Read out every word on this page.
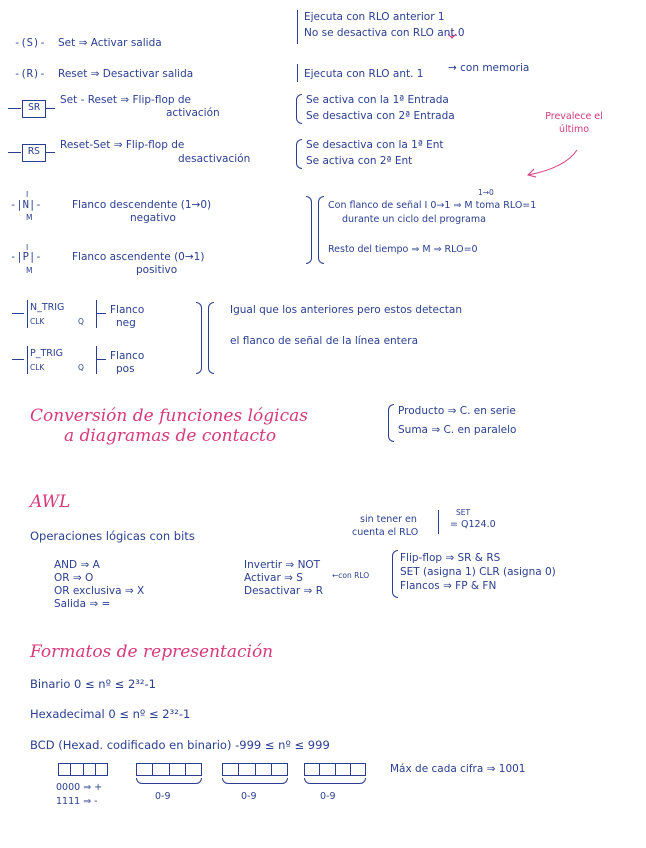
-(S)- Set ⇒ Activar salida
Ejecuta con RLO anterior 1
No se desactiva con RLO ant.0
-(R)- Reset ⇒ Desactivar salida	Ejecuta con RLO ant. 1 → con memoria
SR
Set - Reset ⇒ Flip-flop de
activación
Se activa con la 1ª Entrada
Se desactiva con 2ª Entrada	Prevalece el último
RS
Reset-Set ⇒ Flip-flop de
desactivación
Se desactiva con la 1ª Ent
Se activa con 2ª Ent
I
-|N|-
M
Flanco descendente (1→0)
negativo
I
-|P|-
M
Flanco ascendente (0→1)
positivo
1→0
Con flanco de señal I 0→1 ⇒ M toma RLO=1
durante un ciclo del programa
Resto del tiempo ⇒ M ⇒ RLO=0
N_TRIG
CLK	Q
Flanco
neg
P_TRIG
CLK	Q
Flanco
pos
Igual que los anteriores pero estos detectan
el flanco de señal de la línea entera
Conversión de funciones lógicas
a diagramas de contacto
Producto ⇒ C. en serie
Suma ⇒ C. en paralelo
AWL
Operaciones lógicas con bits
sin tener en
cuenta el RLO
SET
= Q124.0
AND ⇒ A
OR ⇒ O
OR exclusiva ⇒ X
Salida ⇒ =
Invertir ⇒ NOT
Activar ⇒ S	←con RLO
Desactivar ⇒ R
Flip-flop ⇒ SR & RS
SET (asigna 1) CLR (asigna 0)
Flancos ⇒ FP & FN
Formatos de representación
Binario 0 ≤ nº ≤ 2³²-1
Hexadecimal 0 ≤ nº ≤ 2³²-1
BCD (Hexad. codificado en binario) -999 ≤ nº ≤ 999
0000 ⇒ +
1111 ⇒ -	0-9	0-9	0-9
Máx de cada cifra ⇒ 1001
